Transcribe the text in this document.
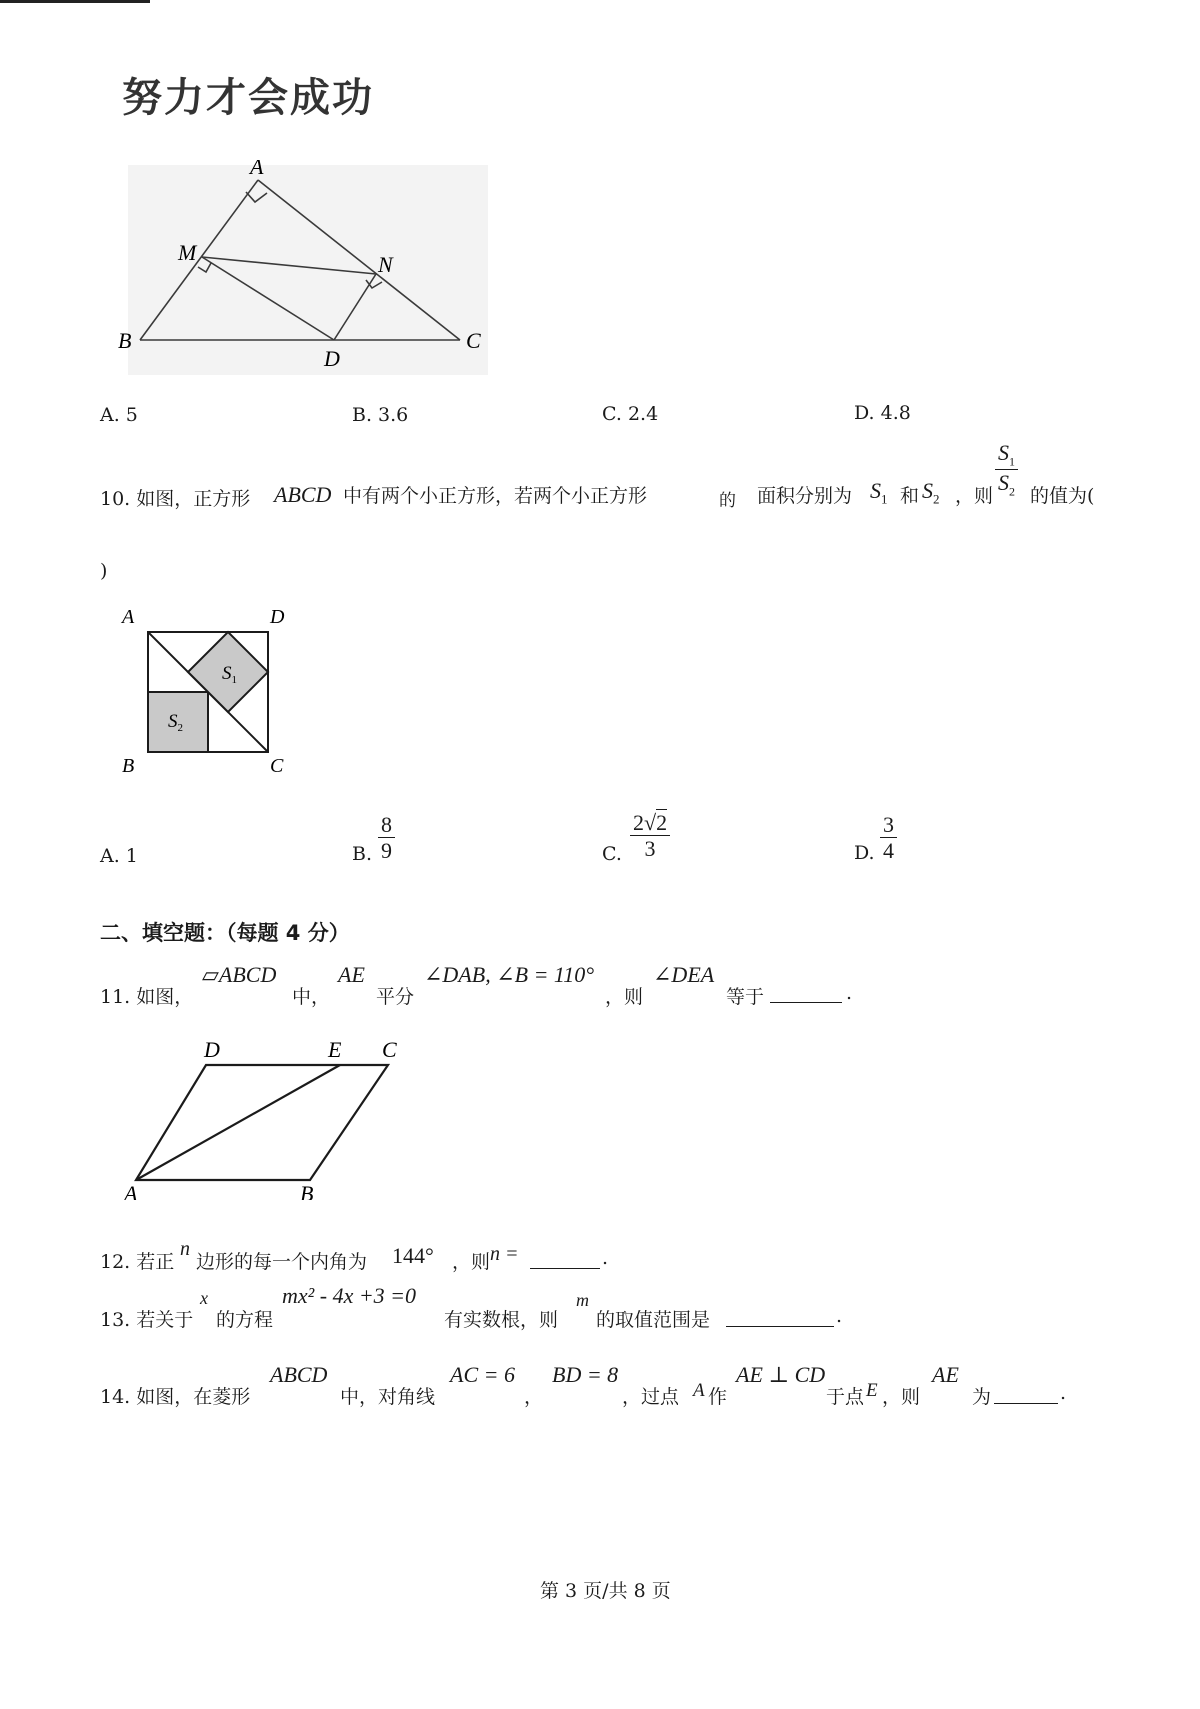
努力才会成功
A
M	N
B
D
C
A. 5	B. 3.6	C. 2.4	D. 4.8
10. 如图，正方形 ABCD 中有两个小正方形，若两个小正方形	的 面积分别为 $S_1$ 和 $S_2$ ，则 $\frac{S_1}{S_2}$ 的值为(
)
A	D
B	C
$S_1$
$S_2$
A. 1	B. $\frac{8}{9}$	C. $\frac{2√2}{3}$	D. $\frac{3}{4}$
二、填空题：（每题 4 分）
11. 如图，
▱ABCD
中，
AE
平分
∠DAB, ∠B = 110°
，则
∠DEA
等于	.
D	E C
A	B
12. 若正
n
边形的每一个内角为 144° ，则 n =	.
13. 若关于
x
的方程
mx² - 4x +3 =0
有实数根，则
m
的取值范围是	.
14. 如图，在菱形
ABCD
中，对角线
AC = 6
，
BD = 8
，过点 A 作
AE ⊥ CD
于点 E ，则
AE
为	.
第 3 页/共 8 页
